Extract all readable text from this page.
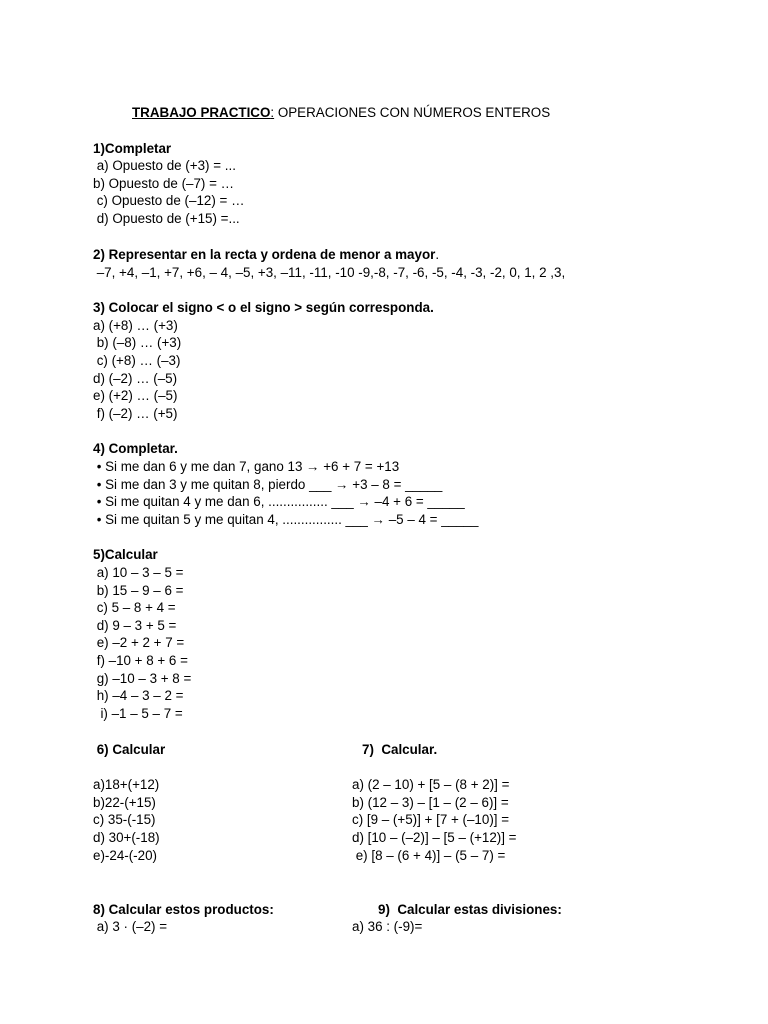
TRABAJO PRACTICO: OPERACIONES CON NÚMEROS ENTEROS
1)Completar
a) Opuesto de (+3) = ...
b) Opuesto de (–7) = …
c) Opuesto de (–12) = …
d) Opuesto de (+15) =...
2) Representar en la recta y ordena de menor a mayor.
–7, +4, –1, +7, +6, – 4, –5, +3, –11, -11, -10 -9,-8, -7, -6, -5, -4, -3, -2, 0, 1, 2 ,3,
3) Colocar el signo < o el signo > según corresponda.
a) (+8) … (+3)
b) (–8) … (+3)
c) (+8) … (–3)
d) (–2) … (–5)
e) (+2) … (–5)
f) (–2) … (+5)
4) Completar.
• Si me dan 6 y me dan 7, gano 13 → +6 + 7 = +13
• Si me dan 3 y me quitan 8, pierdo ___ → +3 – 8 = _____
• Si me quitan 4 y me dan 6, ................ ___ → –4 + 6 = _____
• Si me quitan 5 y me quitan 4, ................ ___ → –5 – 4 = _____
5)Calcular
a) 10 – 3 – 5 =
b) 15 – 9 – 6 =
c) 5 – 8 + 4 =
d) 9 – 3 + 5 =
e) –2 + 2 + 7 =
f) –10 + 8 + 6 =
g) –10 – 3 + 8 =
h) –4 – 3 – 2 =
i) –1 – 5 – 7 =
6) Calcular
a)18+(+12)
b)22-(+15)
c) 35-(-15)
d) 30+(-18)
e)-24-(-20)
7)  Calcular.
a) (2 – 10) + [5 – (8 + 2)] =
b) (12 – 3) – [1 – (2 – 6)] =
c) [9 – (+5)] + [7 + (–10)] =
d) [10 – (–2)] – [5 – (+12)] =
e) [8 – (6 + 4)] – (5 – 7) =
8) Calcular estos productos:
a) 3 · (–2) =
9)  Calcular estas divisiones:
a) 36 : (-9)=
